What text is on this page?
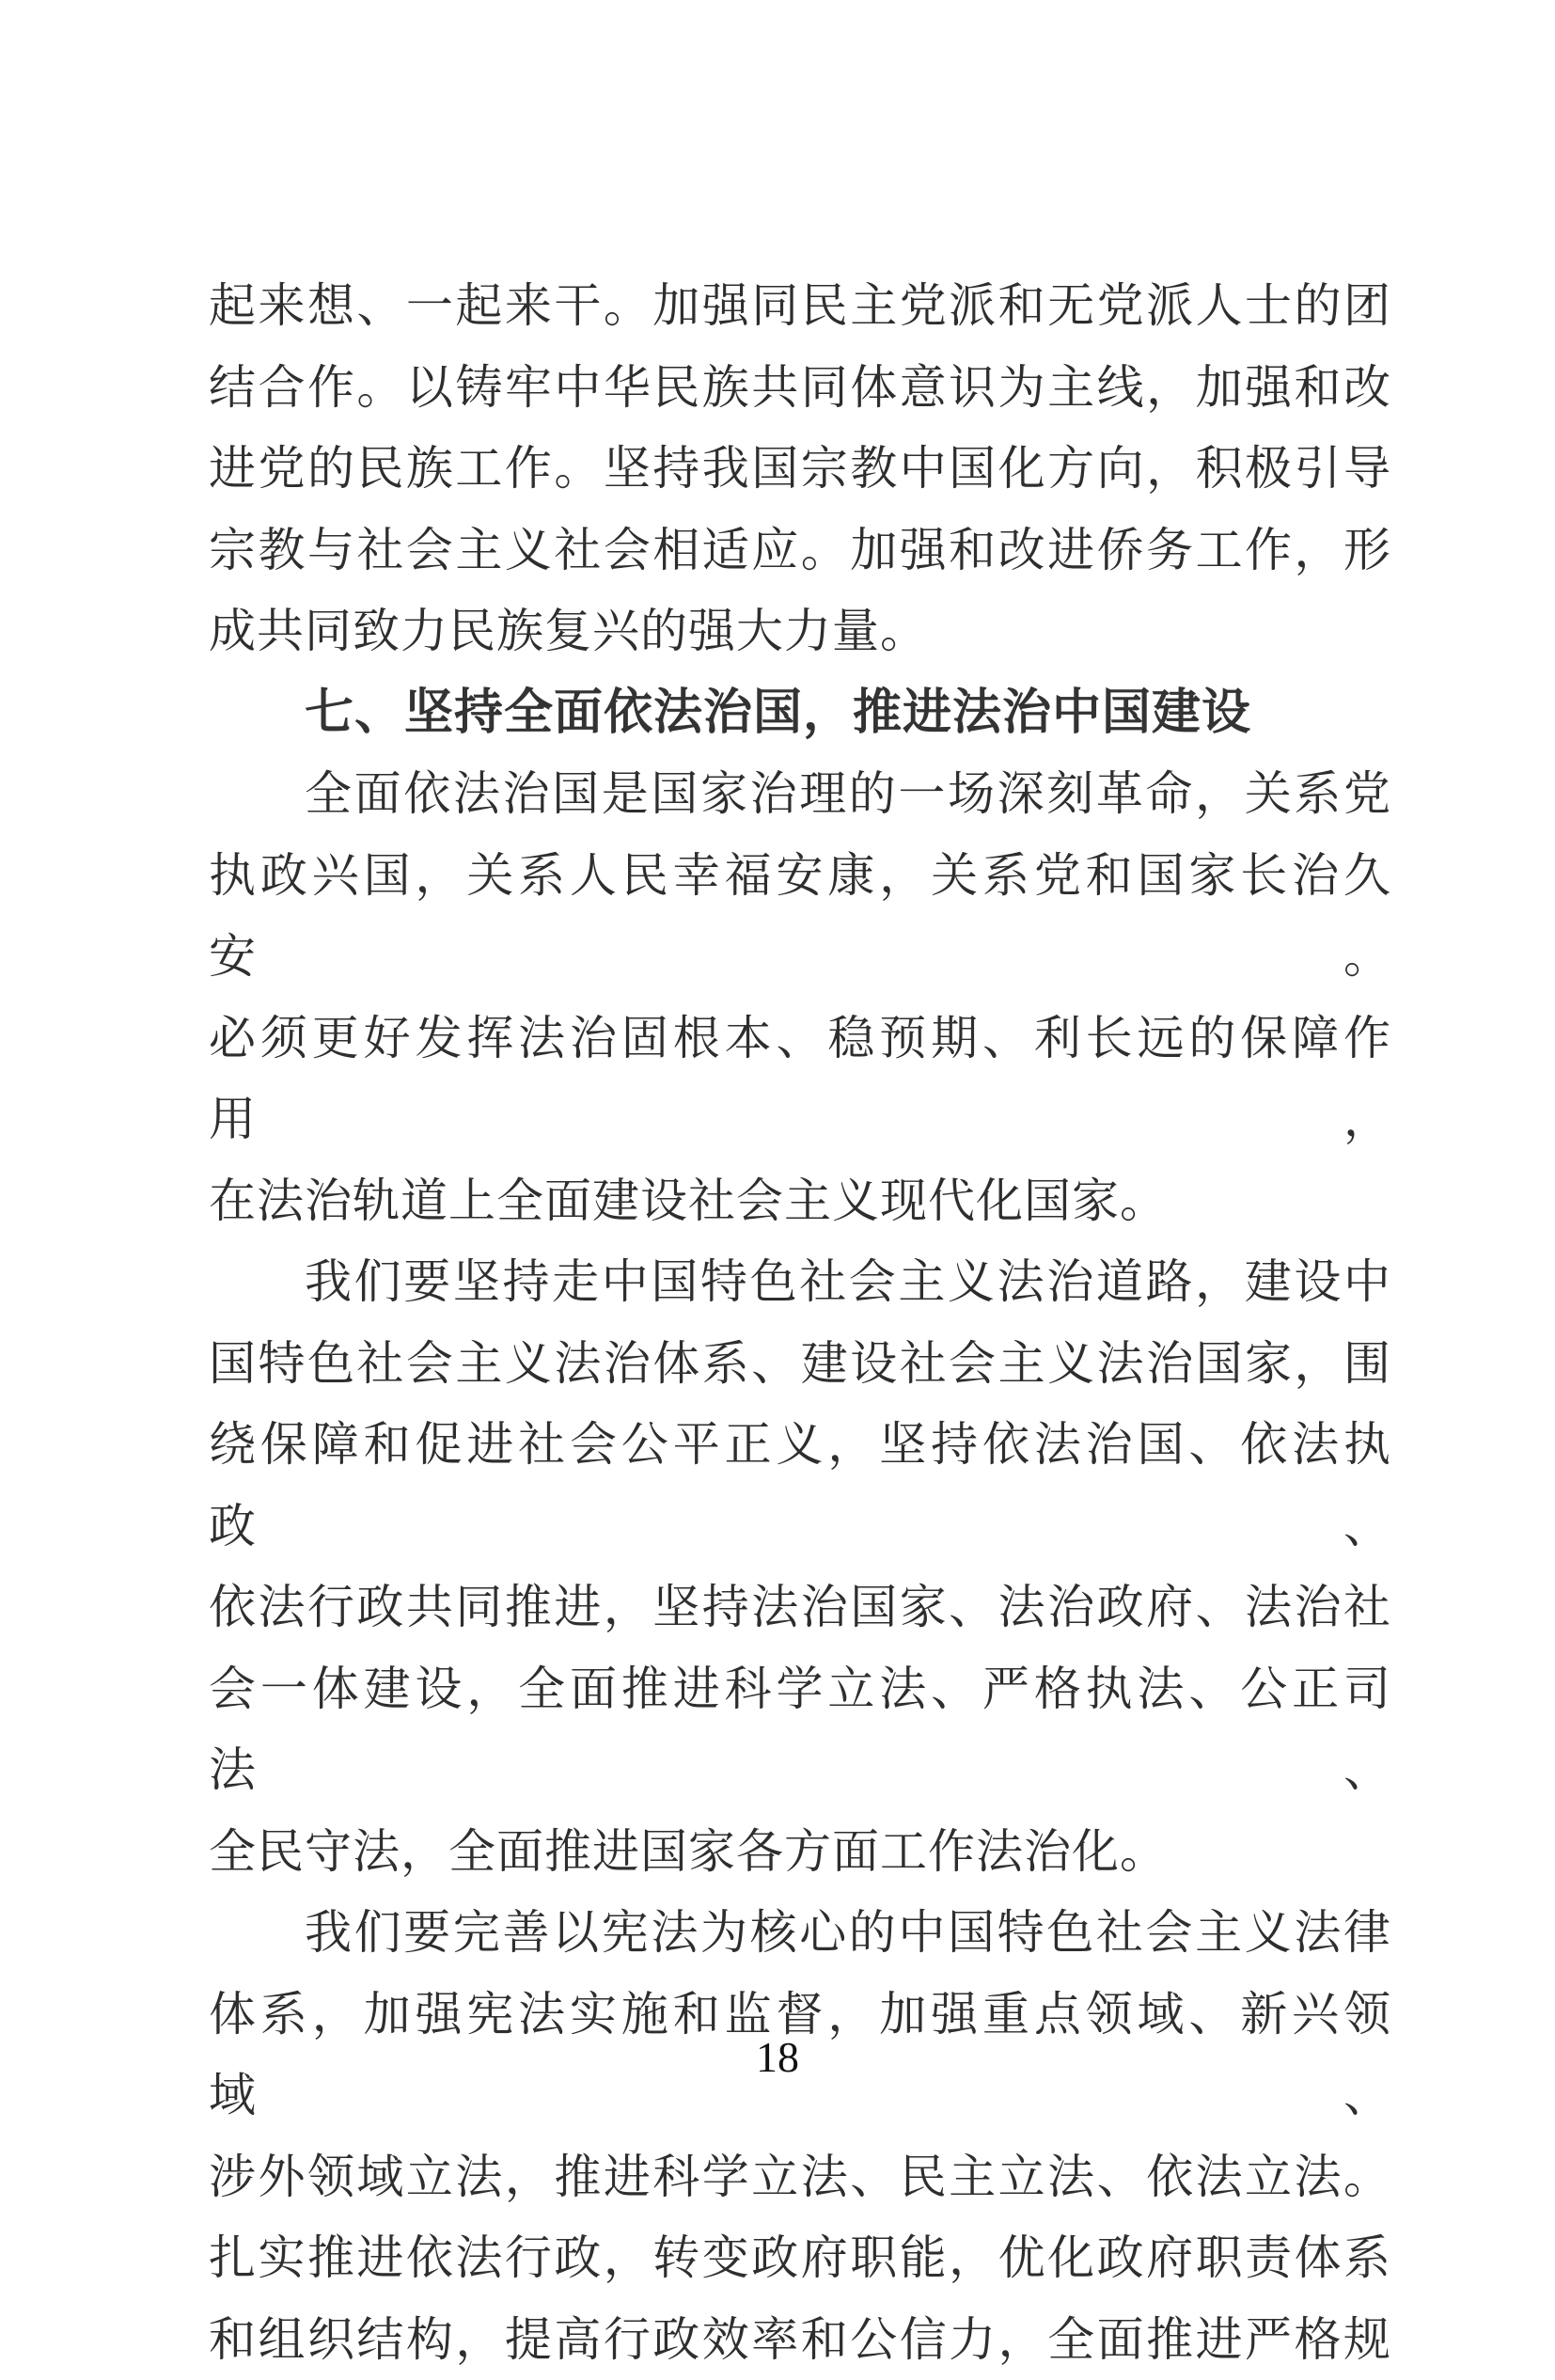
起来想、一起来干。加强同民主党派和无党派人士的团
结合作。以铸牢中华民族共同体意识为主线，加强和改
进党的民族工作。坚持我国宗教中国化方向，积极引导
宗教与社会主义社会相适应。加强和改进侨务工作，形
成共同致力民族复兴的强大力量。
七、坚持全面依法治国，推进法治中国建设
全面依法治国是国家治理的一场深刻革命，关系党
执政兴国，关系人民幸福安康，关系党和国家长治久安。
必须更好发挥法治固根本、稳预期、利长远的保障作用，
在法治轨道上全面建设社会主义现代化国家。
我们要坚持走中国特色社会主义法治道路，建设中
国特色社会主义法治体系、建设社会主义法治国家，围
绕保障和促进社会公平正义，坚持依法治国、依法执政、
依法行政共同推进，坚持法治国家、法治政府、法治社
会一体建设，全面推进科学立法、严格执法、公正司法、
全民守法，全面推进国家各方面工作法治化。
我们要完善以宪法为核心的中国特色社会主义法律
体系，加强宪法实施和监督，加强重点领域、新兴领域、
涉外领域立法，推进科学立法、民主立法、依法立法。
扎实推进依法行政，转变政府职能，优化政府职责体系
和组织结构，提高行政效率和公信力，全面推进严格规
18
